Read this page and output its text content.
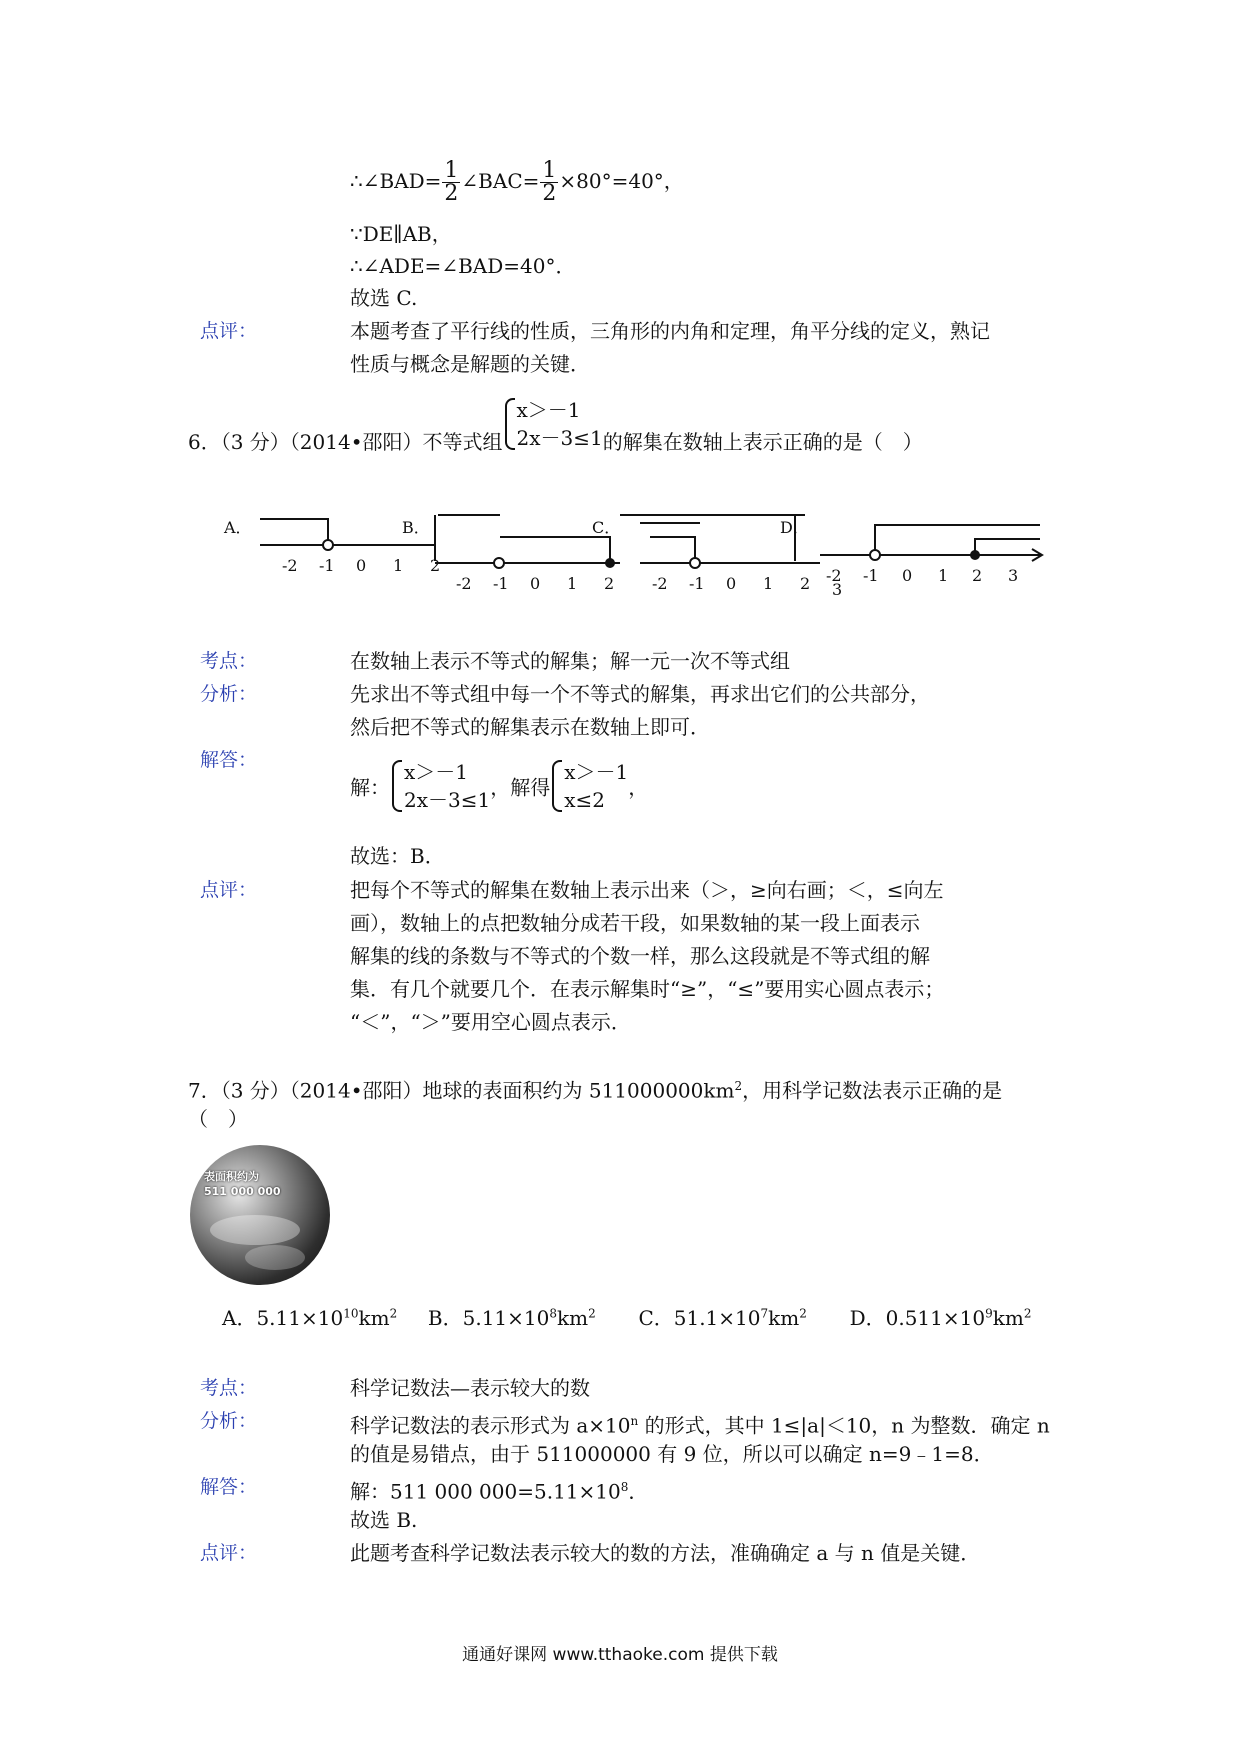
∴∠BAD= $\frac{1}{2}$ ∠BAC= $\frac{1}{2} \times 80^\circ=40^\circ$，
∵DE∥AB，
∴∠ADE=∠BAD=40°．
故选 C.
点评：	本题考查了平行线的性质，三角形的内角和定理，角平分线的定义，熟记
性质与概念是解题的关键．
6．（3 分）（2014•邵阳）不等式组
x＞－1
2x－3≤1 的解集在数轴上表示正确的是（　）
A．
-2 -1 0 1 2
B．
-2 -1 0 1 2
C．
-2 -1 0 1 2
D．
-2 -1 0 1 2 3
3
考点：	在数轴上表示不等式的解集；解一元一次不等式组
分析：	先求出不等式组中每一个不等式的解集，再求出它们的公共部分，
然后把不等式的解集表示在数轴上即可．
解答：
解：
x＞－1
2x－3≤1
，解得
x＞－1
x≤2
，
故选：B．
点评：	把每个不等式的解集在数轴上表示出来（＞，≥向右画；＜，≤向左
画），数轴上的点把数轴分成若干段，如果数轴的某一段上面表示
解集的线的条数与不等式的个数一样，那么这段就是不等式组的解
集．有几个就要几个．在表示解集时“≥”，“≤”要用实心圆点表示；
“＜”，“＞”要用空心圆点表示．
7．（3 分）（2014•邵阳）地球的表面积约为 $511000000km^2$，用科学记数法表示正确的是
（　）
表面积约为
511 000 000
A．$5.11\times 10^{10}km^2$ B．$5.11\times 10^8km^2$ C．$51.1\times 10^7km^2$ D．$0.511\times 10^9km^2$
考点：	科学记数法—表示较大的数
分析：	科学记数法的表示形式为 $a\times 10^n$ 的形式，其中 1≤|a|＜10，n 为整数．确定 n
的值是易错点，由于 511000000 有 9 位，所以可以确定 n=9﹣1=8．
解答：	解：511 000 $000=5.11\times 10^8$．
故选 B.
点评：	此题考查科学记数法表示较大的数的方法，准确确定 a 与 n 值是关键．
通通好课网 www.tthaoke.com 提供下载
